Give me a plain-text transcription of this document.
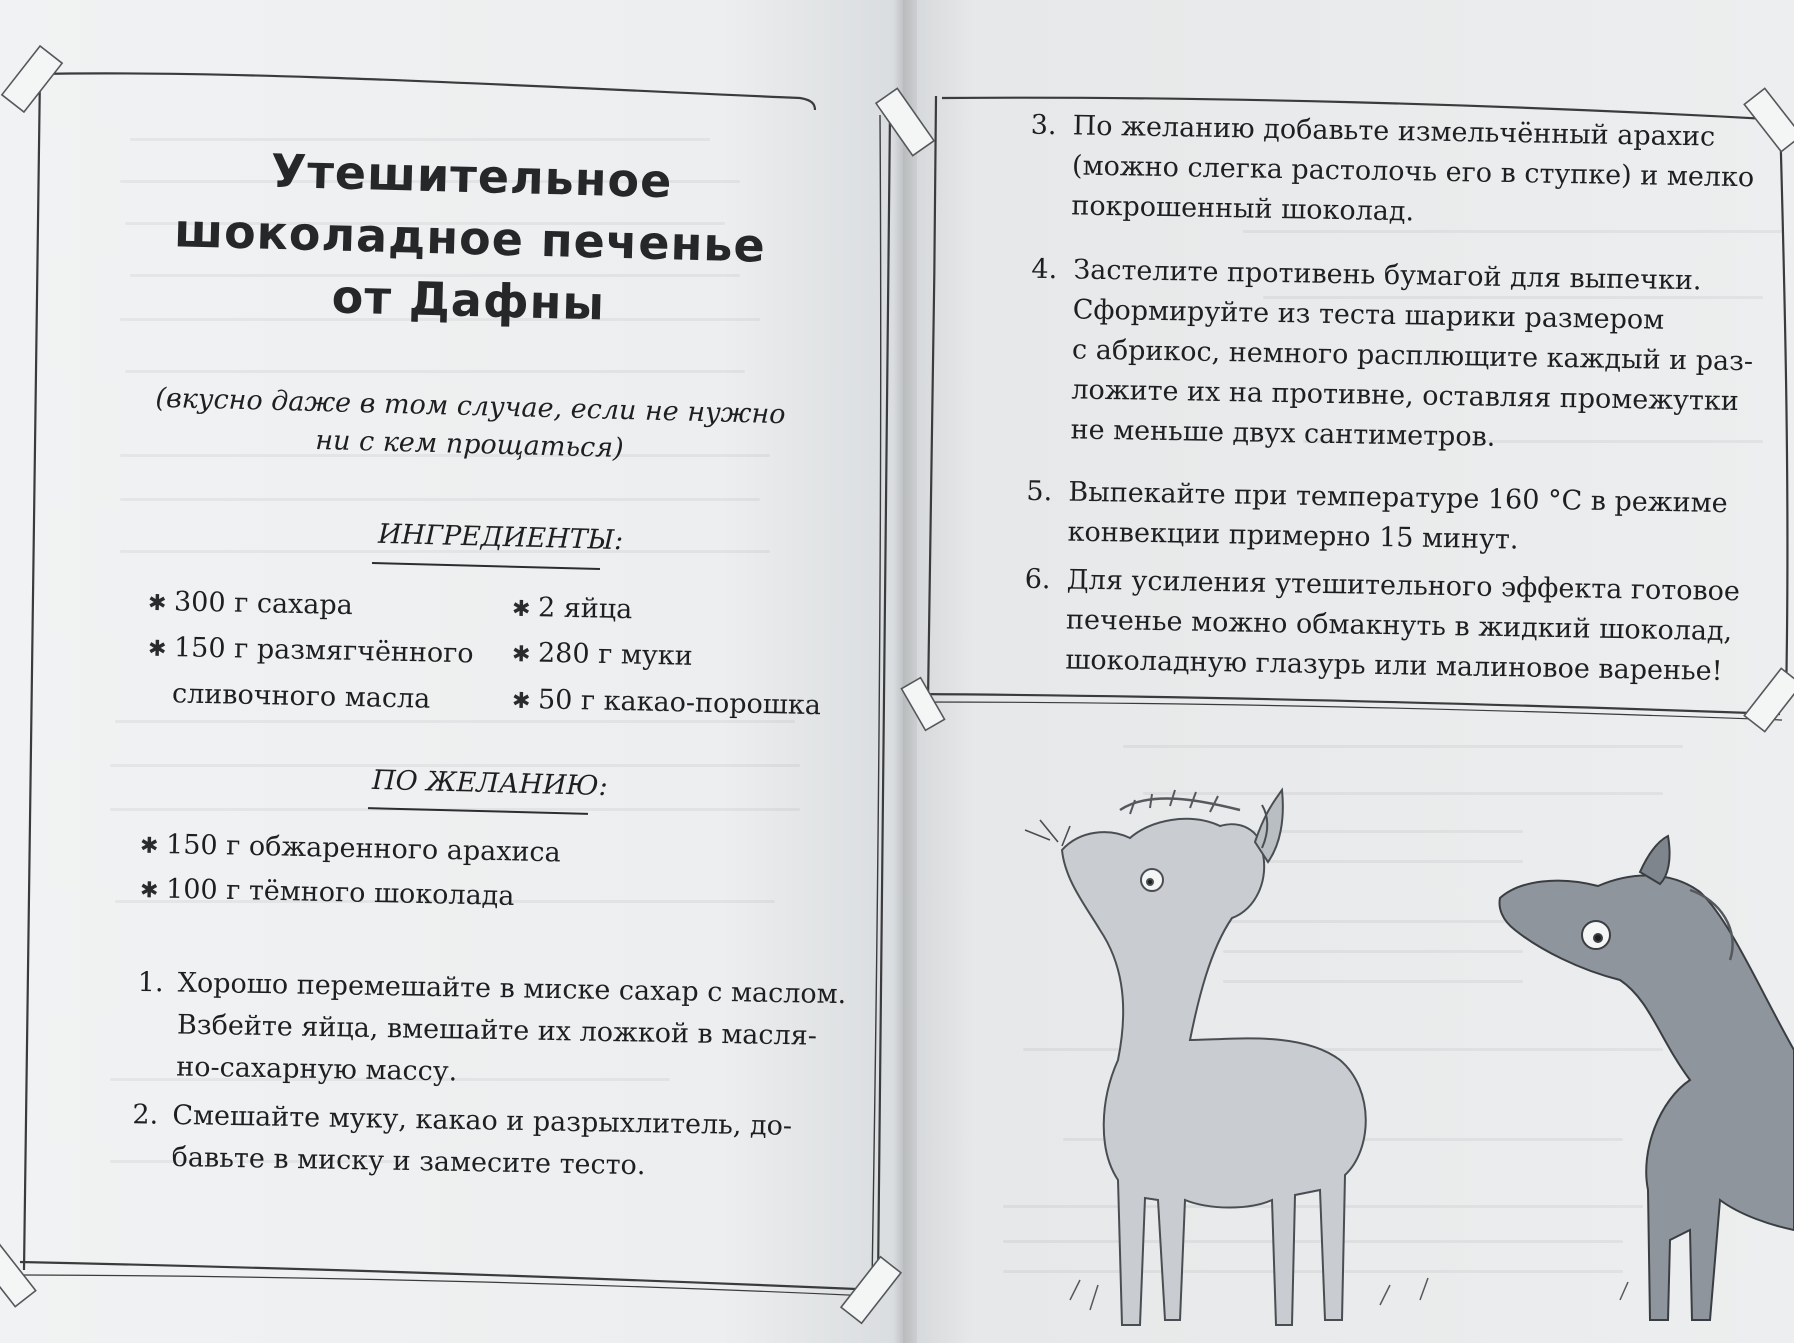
Утешительное
шоколадное печенье
от Дафны
(вкусно даже в том случае, если не нужно
ни с кем прощаться)
ИНГРЕДИЕНТЫ:
✱ 300 г сахара
✱ 150 г размягчённого
сливочного масла
✱ 2 яйца
✱ 280 г муки
✱ 50 г какао-порошка
ПО ЖЕЛАНИЮ:
✱ 150 г обжаренного арахиса
✱ 100 г тёмного шоколада
1. Хорошо перемешайте в миске сахар с маслом.
Взбейте яйца, вмешайте их ложкой в масля-
но-сахарную массу.
2. Смешайте муку, какао и разрыхлитель, до-
бавьте в миску и замесите тесто.
3. По желанию добавьте измельчённый арахис
(можно слегка растолочь его в ступке) и мелко
покрошенный шоколад.
4. Застелите противень бумагой для выпечки.
Сформируйте из теста шарики размером
с абрикос, немного расплющите каждый и раз-
ложите их на противне, оставляя промежутки
не меньше двух сантиметров.
5. Выпекайте при температуре 160 °С в режиме
конвекции примерно 15 минут.
6. Для усиления утешительного эффекта готовое
печенье можно обмакнуть в жидкий шоколад,
шоколадную глазурь или малиновое варенье!
